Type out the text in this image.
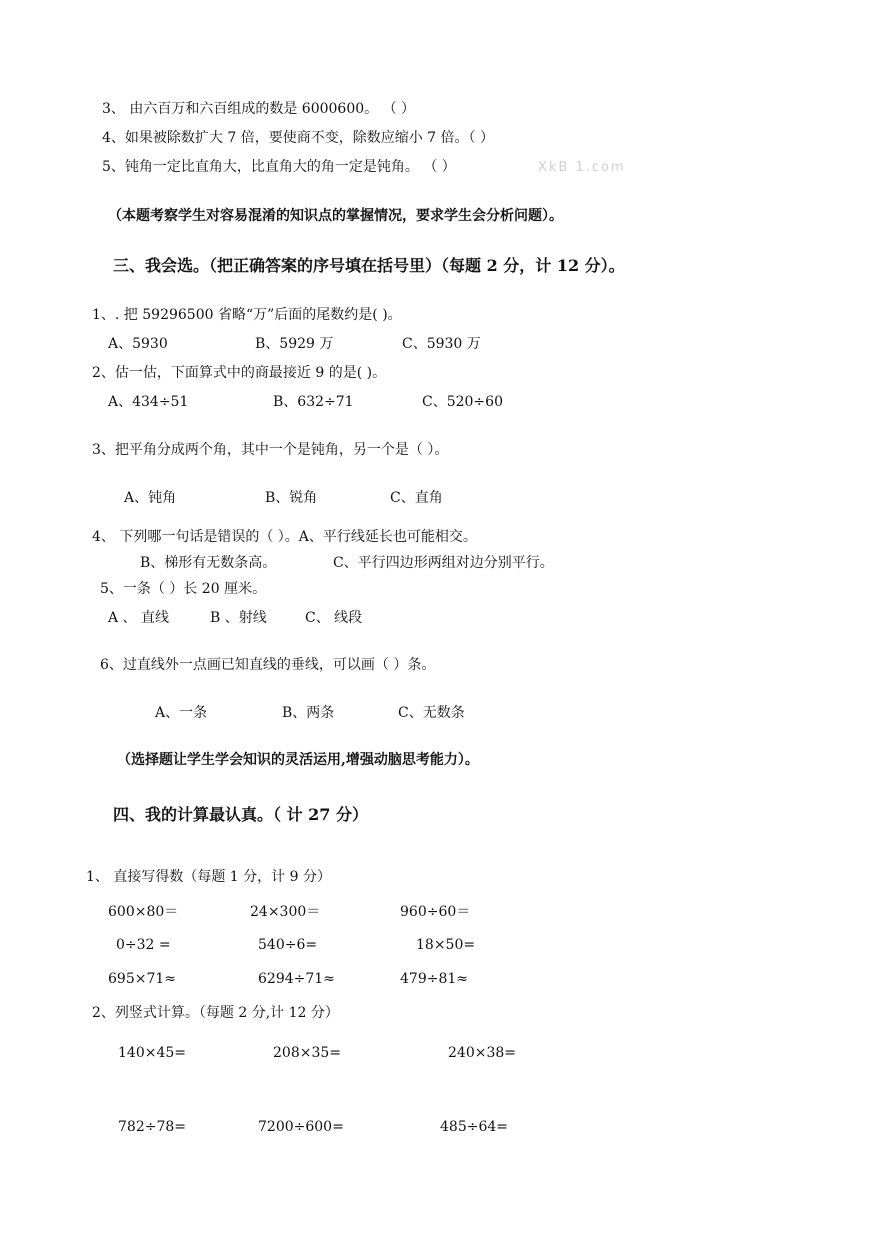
3、 由六百万和六百组成的数是 6000600。 （ ）
4、如果被除数扩大 7 倍，要使商不变，除数应缩小 7 倍。（ ）
5、钝角一定比直角大，比直角大的角一定是钝角。 （ ）	XkB 1.com
（本题考察学生对容易混淆的知识点的掌握情况，要求学生会分析问题）。
三、我会选。（把正确答案的序号填在括号里）（每题 2 分，计 12 分）。
1、. 把 59296500 省略“万”后面的尾数约是( )。
A、5930	B、5929 万	C、5930 万
2、估一估，下面算式中的商最接近 9 的是( )。
A、434÷51	B、632÷71	C、520÷60
3、把平角分成两个角，其中一个是钝角，另一个是（ ）。
A、钝角	B、锐角	C、直角
4、 下列哪一句话是错误的（ ）。A、平行线延长也可能相交。
B、梯形有无数条高。	C、平行四边形两组对边分别平行。
5、一条（ ）长 20 厘米。
A 、 直线	B 、射线	C、 线段
6、过直线外一点画已知直线的垂线，可以画（ ）条。
A、一条	B、两条	C、无数条
（选择题让学生学会知识的灵活运用,增强动脑思考能力）。
四、我的计算最认真。（ 计 27 分）
1、 直接写得数（每题 1 分，计 9 分）
600×80＝	24×300＝	960÷60＝
0÷32 =	540÷6=	18×50=
695×71≈	6294÷71≈	479÷81≈
2、列竖式计算。（每题 2 分,计 12 分）
140×45=	208×35=	240×38=
782÷78=	7200÷600=	485÷64=
